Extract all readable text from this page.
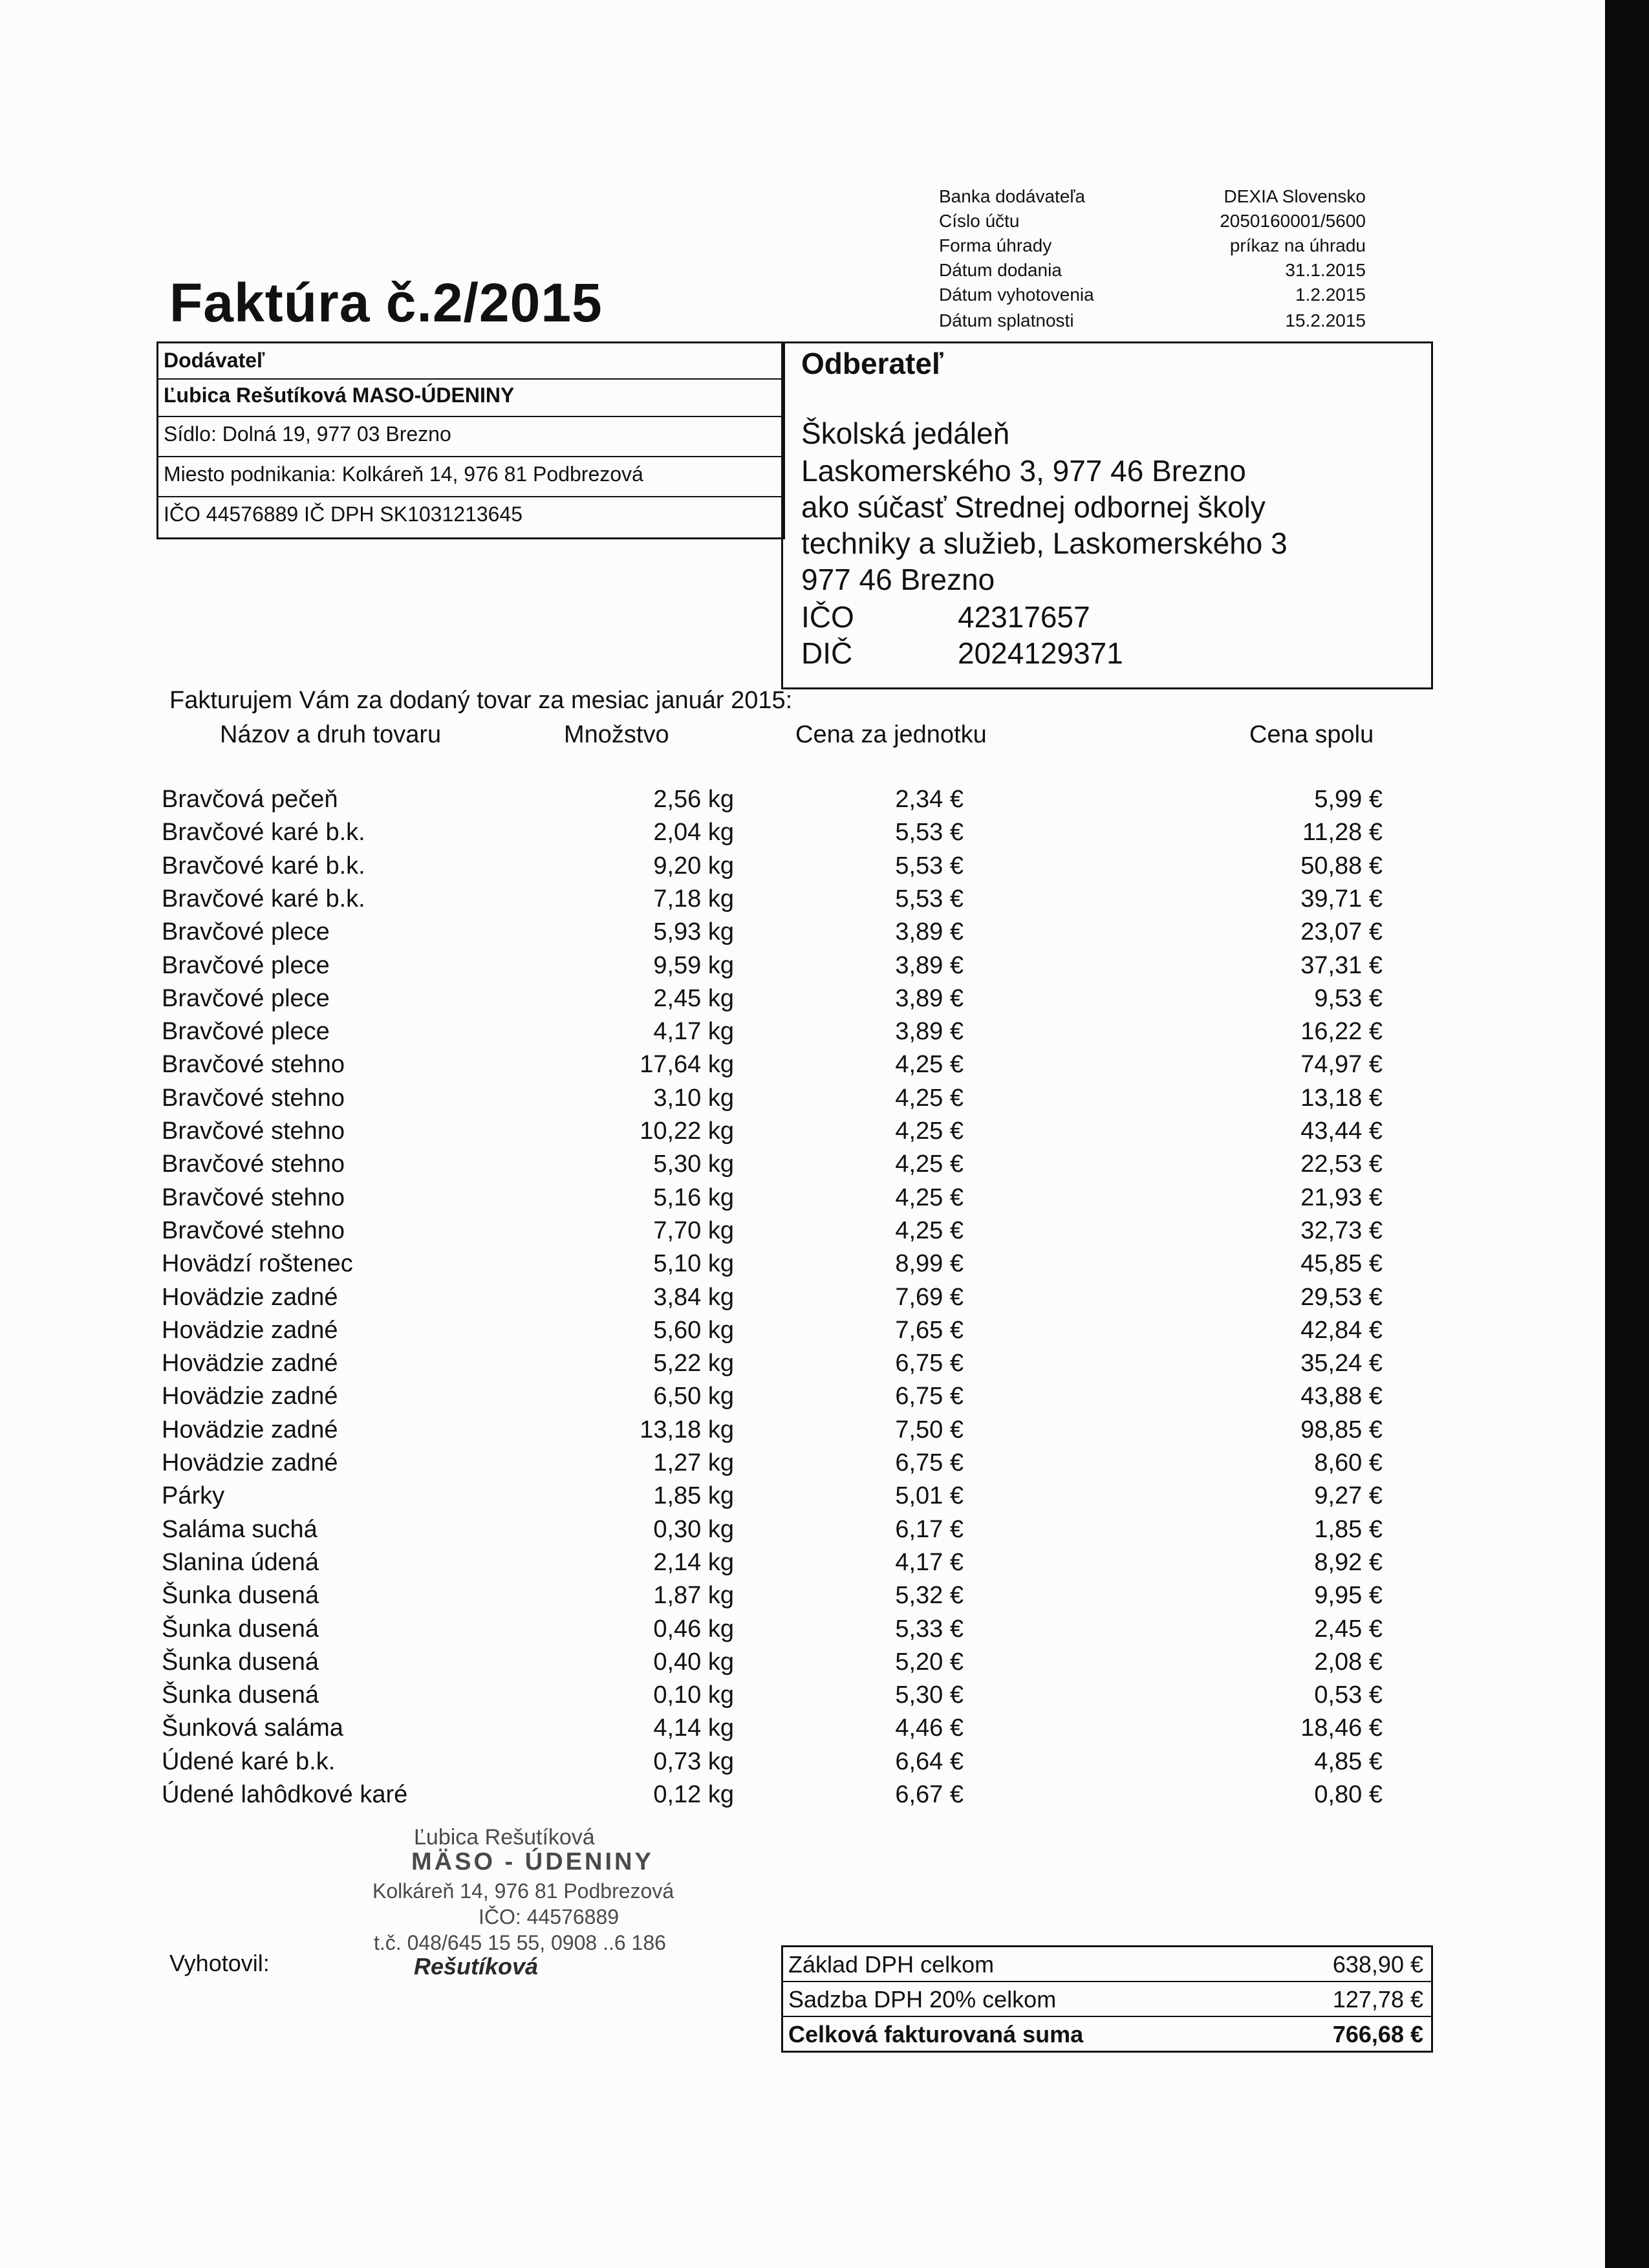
Banka dodávateľa	DEXIA Slovensko
Císlo účtu	2050160001/5600
Forma úhrady	príkaz na úhradu
Dátum dodania	31.1.2015
Dátum vyhotovenia	1.2.2015
Dátum splatnosti	15.2.2015
Faktúra č.2/2015
Dodávateľ
Ľubica Rešutíková MASO-ÚDENINY
Sídlo: Dolná 19, 977 03 Brezno
Miesto podnikania: Kolkáreň 14, 976 81 Podbrezová
IČO 44576889 IČ DPH SK1031213645
Odberateľ
Školská jedáleň
Laskomerského 3, 977 46 Brezno
ako súčasť Strednej odbornej školy
techniky a služieb, Laskomerského 3
977 46 Brezno
IČO	42317657
DIČ	2024129371
Fakturujem Vám za dodaný tovar za mesiac január 2015:
Názov a druh tovaru	Množstvo	Cena za jednotku	Cena spolu
Bravčová pečeň	2,56 kg	2,34 €	5,99 €
Bravčové karé b.k.	2,04 kg	5,53 €	11,28 €
Bravčové karé b.k.	9,20 kg	5,53 €	50,88 €
Bravčové karé b.k.	7,18 kg	5,53 €	39,71 €
Bravčové plece	5,93 kg	3,89 €	23,07 €
Bravčové plece	9,59 kg	3,89 €	37,31 €
Bravčové plece	2,45 kg	3,89 €	9,53 €
Bravčové plece	4,17 kg	3,89 €	16,22 €
Bravčové stehno	17,64 kg	4,25 €	74,97 €
Bravčové stehno	3,10 kg	4,25 €	13,18 €
Bravčové stehno	10,22 kg	4,25 €	43,44 €
Bravčové stehno	5,30 kg	4,25 €	22,53 €
Bravčové stehno	5,16 kg	4,25 €	21,93 €
Bravčové stehno	7,70 kg	4,25 €	32,73 €
Hovädzí roštenec	5,10 kg	8,99 €	45,85 €
Hovädzie zadné	3,84 kg	7,69 €	29,53 €
Hovädzie zadné	5,60 kg	7,65 €	42,84 €
Hovädzie zadné	5,22 kg	6,75 €	35,24 €
Hovädzie zadné	6,50 kg	6,75 €	43,88 €
Hovädzie zadné	13,18 kg	7,50 €	98,85 €
Hovädzie zadné	1,27 kg	6,75 €	8,60 €
Párky	1,85 kg	5,01 €	9,27 €
Saláma suchá	0,30 kg	6,17 €	1,85 €
Slanina údená	2,14 kg	4,17 €	8,92 €
Šunka dusená	1,87 kg	5,32 €	9,95 €
Šunka dusená	0,46 kg	5,33 €	2,45 €
Šunka dusená	0,40 kg	5,20 €	2,08 €
Šunka dusená	0,10 kg	5,30 €	0,53 €
Šunková saláma	4,14 kg	4,46 €	18,46 €
Údené karé b.k.	0,73 kg	6,64 €	4,85 €
Údené lahôdkové karé	0,12 kg	6,67 €	0,80 €
Ľubica Rešutíková
MÄSO - ÚDENINY
Kolkáreň 14, 976 81 Podbrezová
IČO: 44576889
t.č. 048/645 15 55, 0908 ..6 186
Rešutíková
Vyhotovil:	Základ DPH celkom	638,90 €
Sadzba DPH 20% celkom	127,78 €
Celková fakturovaná suma	766,68 €
